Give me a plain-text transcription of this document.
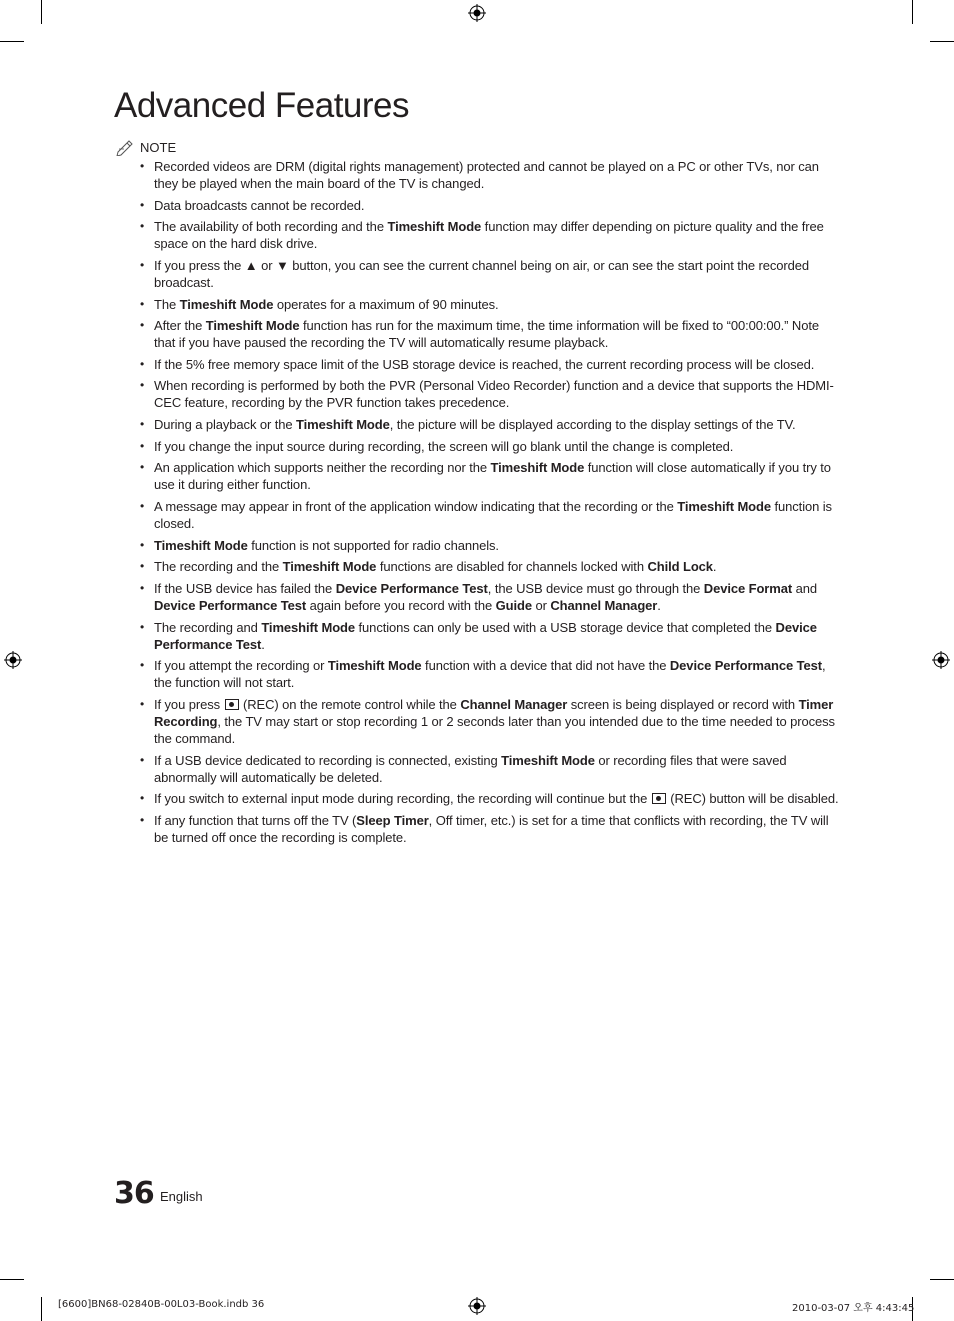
Advanced Features
NOTE
• Recorded videos are DRM (digital rights management) protected and cannot be played on a PC or other TVs, nor can they be played when the main board of the TV is changed.
• Data broadcasts cannot be recorded.
• The availability of both recording and the Timeshift Mode function may differ depending on picture quality and the free space on the hard disk drive.
• If you press the ▲ or ▼ button, you can see the current channel being on air, or can see the start point the recorded broadcast.
• The Timeshift Mode operates for a maximum of 90 minutes.
• After the Timeshift Mode function has run for the maximum time, the time information will be fixed to “00:00:00.” Note that if you have paused the recording the TV will automatically resume playback.
• If the 5% free memory space limit of the USB storage device is reached, the current recording process will be closed.
• When recording is performed by both the PVR (Personal Video Recorder) function and a device that supports the HDMI-CEC feature, recording by the PVR function takes precedence.
• During a playback or the Timeshift Mode, the picture will be displayed according to the display settings of the TV.
• If you change the input source during recording, the screen will go blank until the change is completed.
• An application which supports neither the recording nor the Timeshift Mode function will close automatically if you try to use it during either function.
• A message may appear in front of the application window indicating that the recording or the Timeshift Mode function is closed.
• Timeshift Mode function is not supported for radio channels.
• The recording and the Timeshift Mode functions are disabled for channels locked with Child Lock.
• If the USB device has failed the Device Performance Test, the USB device must go through the Device Format and Device Performance Test again before you record with the Guide or Channel Manager.
• The recording and Timeshift Mode functions can only be used with a USB storage device that completed the Device Performance Test.
• If you attempt the recording or Timeshift Mode function with a device that did not have the Device Performance Test, the function will not start.
• If you press  (REC) on the remote control while the Channel Manager screen is being displayed or record with Timer Recording, the TV may start or stop recording 1 or 2 seconds later than you intended due to the time needed to process the command.
• If a USB device dedicated to recording is connected, existing Timeshift Mode or recording files that were saved abnormally will automatically be deleted.
• If you switch to external input mode during recording, the recording will continue but the  (REC) button will be disabled.
• If any function that turns off the TV (Sleep Timer, Off timer, etc.) is set for a time that conflicts with recording, the TV will be turned off once the recording is complete.
36 English
[6600]BN68-02840B-00L03-Book.indb 36	2010-03-07 오후 4:43:45
